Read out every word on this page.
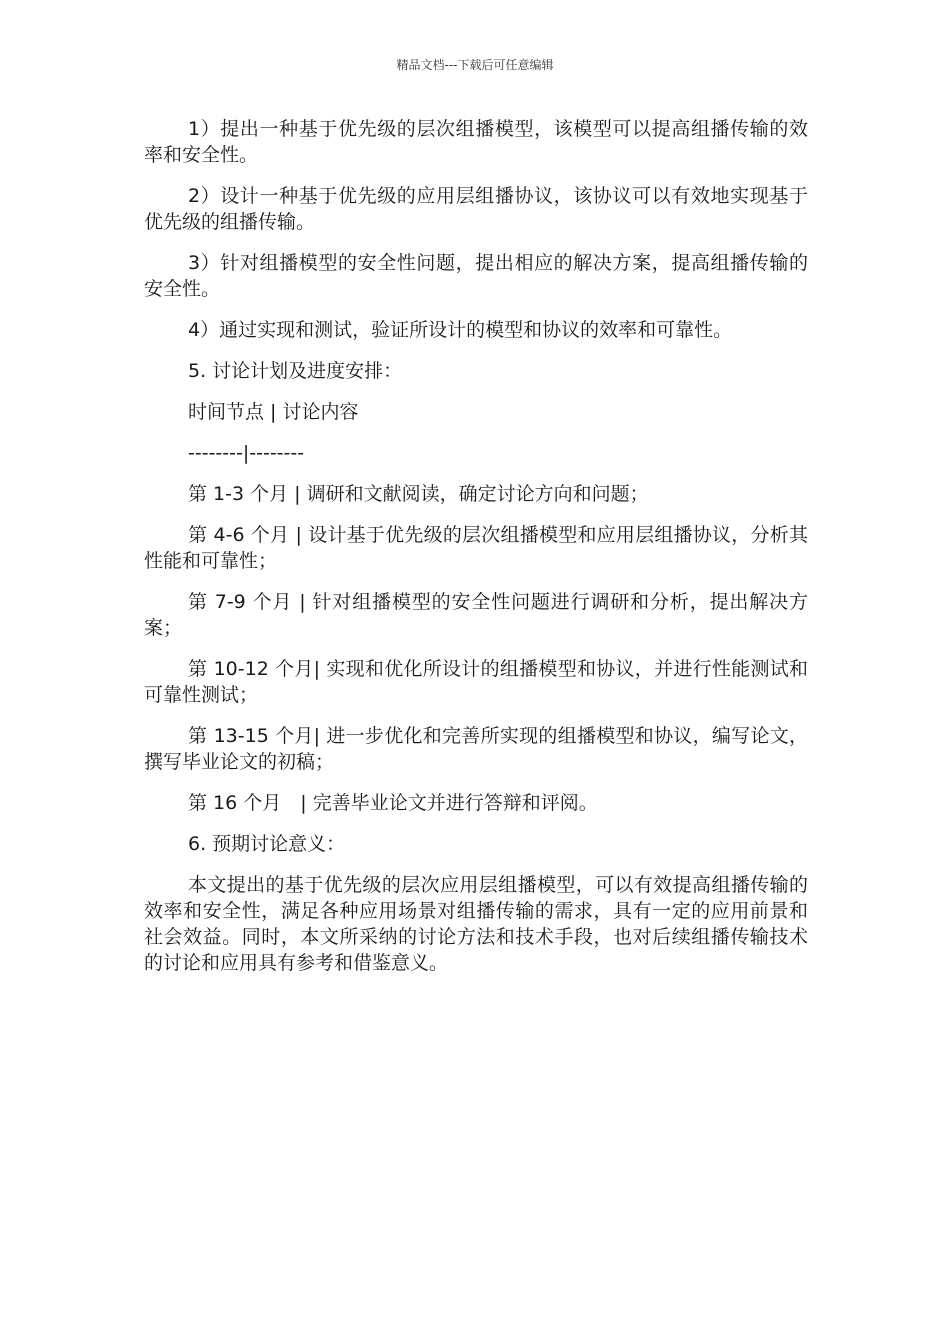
精品文档---下载后可任意编辑

1）提出一种基于优先级的层次组播模型，该模型可以提高组播传输的效率和安全性。

2）设计一种基于优先级的应用层组播协议，该协议可以有效地实现基于优先级的组播传输。

3）针对组播模型的安全性问题，提出相应的解决方案，提高组播传输的安全性。

4）通过实现和测试，验证所设计的模型和协议的效率和可靠性。

5. 讨论计划及进度安排：

时间节点 | 讨论内容

--------|--------

第 1-3 个月 | 调研和文献阅读，确定讨论方向和问题；

第 4-6 个月 | 设计基于优先级的层次组播模型和应用层组播协议，分析其性能和可靠性；

第 7-9 个月 | 针对组播模型的安全性问题进行调研和分析，提出解决方案；

第 10-12 个月| 实现和优化所设计的组播模型和协议，并进行性能测试和可靠性测试；

第 13-15 个月| 进一步优化和完善所实现的组播模型和协议，编写论文，撰写毕业论文的初稿；

第 16 个月　| 完善毕业论文并进行答辩和评阅。

6. 预期讨论意义：

本文提出的基于优先级的层次应用层组播模型，可以有效提高组播传输的效率和安全性，满足各种应用场景对组播传输的需求，具有一定的应用前景和社会效益。同时，本文所采纳的讨论方法和技术手段，也对后续组播传输技术的讨论和应用具有参考和借鉴意义。
